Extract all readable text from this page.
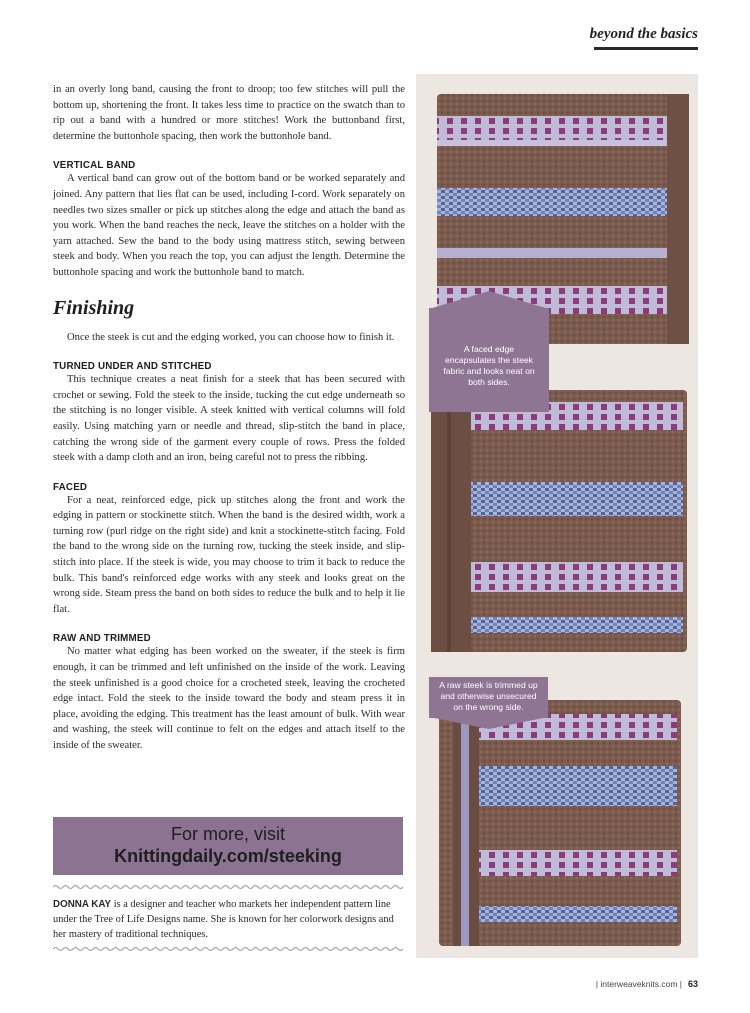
beyond the basics

in an overly long band, causing the front to droop; too few stitches will pull the bottom up, shortening the front. It takes less time to practice on the swatch than to rip out a band with a hundred or more stitches! Work the buttonband first, determine the buttonhole spacing, then work the buttonhole band.

VERTICAL BAND

A vertical band can grow out of the bottom band or be worked separately and joined. Any pattern that lies flat can be used, including I-cord. Work separately on needles two sizes smaller or pick up stitches along the edge and attach the band as you work. When the band reaches the neck, leave the stitches on a holder with the yarn attached. Sew the band to the body using mattress stitch, sewing between steek and body. When you reach the top, you can adjust the length. Determine the buttonhole spacing and work the buttonhole band to match.

Finishing

Once the steek is cut and the edging worked, you can choose how to finish it.

TURNED UNDER AND STITCHED

This technique creates a neat finish for a steek that has been secured with crochet or sewing. Fold the steek to the inside, tucking the cut edge underneath so the stitching is no longer visible. A steek knitted with vertical columns will fold easily. Using matching yarn or needle and thread, slip-stitch the band in place, catching the wrong side of the garment every couple of rows. Press the folded steek with a damp cloth and an iron, being careful not to press the ribbing.

FACED

For a neat, reinforced edge, pick up stitches along the front and work the edging in pattern or stockinette stitch. When the band is the desired width, work a turning row (purl ridge on the right side) and knit a stockinette-stitch facing. Fold the band to the wrong side on the turning row, tucking the steek inside, and slip-stitch into place. If the steek is wide, you may choose to trim it back to reduce the bulk. This band's reinforced edge works with any steek and looks great on the wrong side. Steam press the band on both sides to reduce the bulk and to help it lie flat.

RAW AND TRIMMED

No matter what edging has been worked on the sweater, if the steek is firm enough, it can be trimmed and left unfinished on the inside of the work. Leaving the steek unfinished is a good choice for a crocheted steek, leaving the crocheted edge intact. Fold the steek to the inside toward the body and steam press it in place, avoiding the edging. This treatment has the least amount of bulk. With wear and washing, the steek will continue to felt on the edges and attach itself to the inside of the sweater.

For more, visit
Knittingdaily.com/steeking

DONNA KAY is a designer and teacher who markets her independent pattern line under the Tree of Life Designs name. She is known for her colorwork designs and her mastery of traditional techniques.

A faced edge encapsulates the steek fabric and looks neat on both sides.
A raw steek is trimmed up and otherwise unsecured on the wrong side.
| interweaveknits.com | 63
